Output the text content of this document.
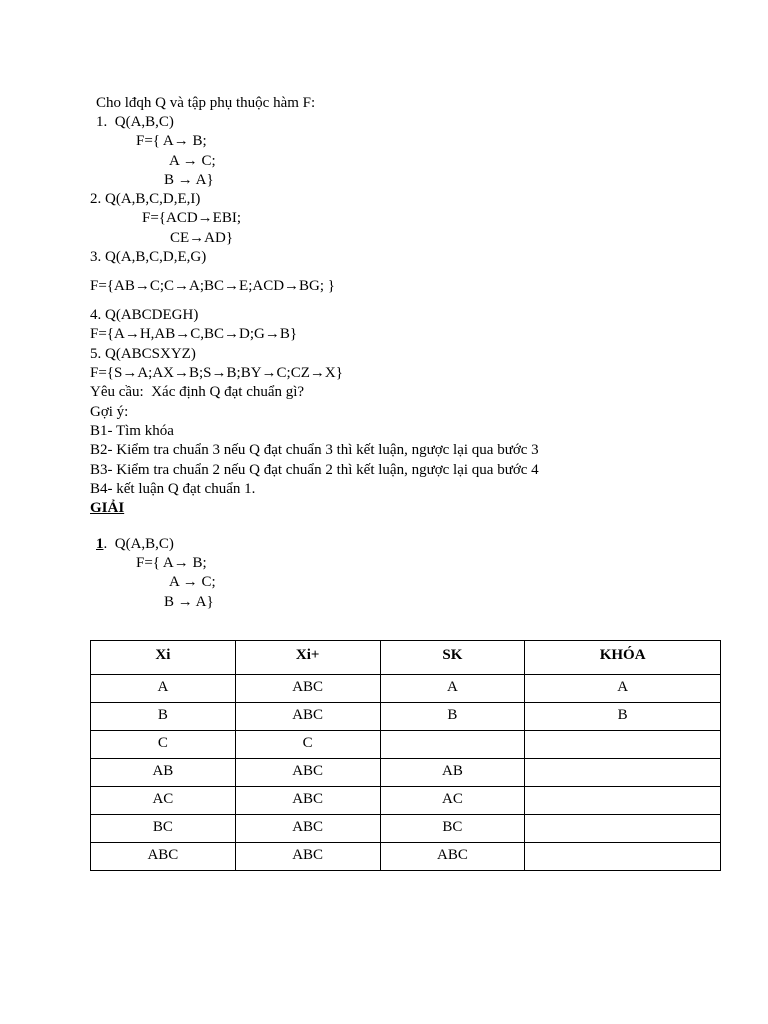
Cho lđqh Q và tập phụ thuộc hàm F:
1.  Q(A,B,C)
F={ A→ B;
A → C;
B → A}
2. Q(A,B,C,D,E,I)
F={ACD→EBI;
CE→AD}
3. Q(A,B,C,D,E,G)
F={AB→C;C→A;BC→E;ACD→BG; }
4. Q(ABCDEGH)
F={A→H,AB→C,BC→D;G→B}
5. Q(ABCSXYZ)
F={S→A;AX→B;S→B;BY→C;CZ→X}
Yêu cầu:  Xác định Q đạt chuẩn gì?
Gợi ý:
B1- Tìm khóa
B2- Kiểm tra chuẩn 3 nếu Q đạt chuẩn 3 thì kết luận, ngược lại qua bước 3
B3- Kiểm tra chuẩn 2 nếu Q đạt chuẩn 2 thì kết luận, ngược lại qua bước 4
B4- kết luận Q đạt chuẩn 1.
GIẢI
1.  Q(A,B,C)
F={ A→ B;
A → C;
B → A}
Xi	Xi+	SK	KHÓA
A	ABC	A	A
B	ABC	B	B
C	C		
AB	ABC	AB	
AC	ABC	AC	
BC	ABC	BC	
ABC	ABC	ABC	
